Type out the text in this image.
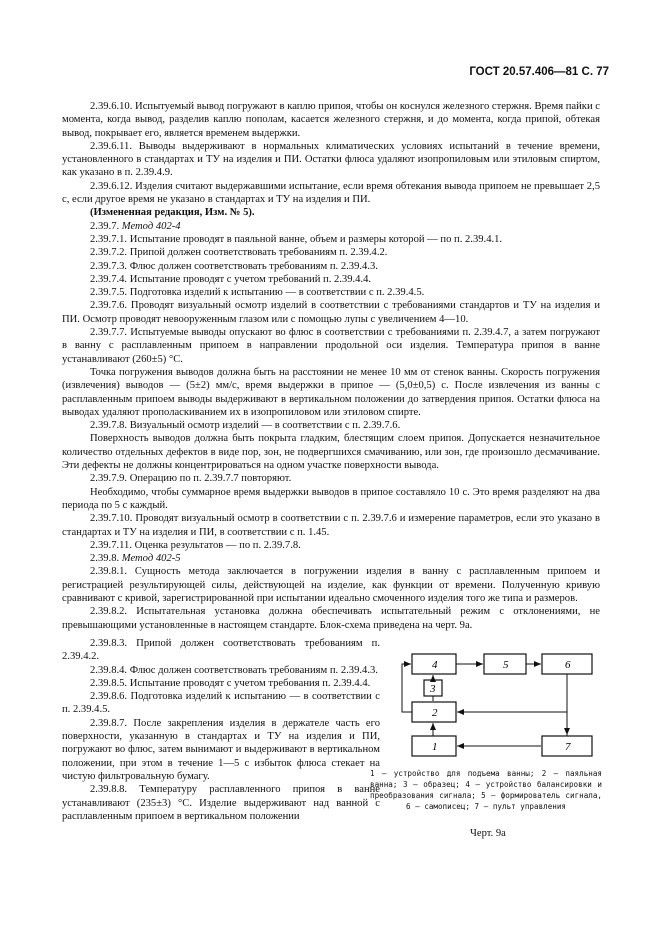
ГОСТ 20.57.406—81 С. 77

2.39.6.10. Испытуемый вывод погружают в каплю припоя, чтобы он коснулся железного стержня. Время пайки с момента, когда вывод, разделив каплю пополам, касается железного стержня, и до момента, когда припой, обтекая вывод, покрывает его, является временем выдержки.

2.39.6.11. Выводы выдерживают в нормальных климатических условиях испытаний в течение времени, установленного в стандартах и ТУ на изделия и ПИ. Остатки флюса удаляют изопропиловым или этиловым спиртом, как указано в п. 2.39.4.9.

2.39.6.12. Изделия считают выдержавшими испытание, если время обтекания вывода припоем не превышает 2,5 с, если другое время не указано в стандартах и ТУ на изделия и ПИ.

(Измененная редакция, Изм. № 5).

2.39.7. Метод 402-4

2.39.7.1. Испытание проводят в паяльной ванне, объем и размеры которой — по п. 2.39.4.1.

2.39.7.2. Припой должен соответствовать требованиям п. 2.39.4.2.

2.39.7.3. Флюс должен соответствовать требованиям п. 2.39.4.3.

2.39.7.4. Испытание проводят с учетом требований п. 2.39.4.4.

2.39.7.5. Подготовка изделий к испытанию — в соответствии с п. 2.39.4.5.

2.39.7.6. Проводят визуальный осмотр изделий в соответствии с требованиями стандартов и ТУ на изделия и ПИ. Осмотр проводят невооруженным глазом или с помощью лупы с увеличением 4—10.

2.39.7.7. Испытуемые выводы опускают во флюс в соответствии с требованиями п. 2.39.4.7, а затем погружают в ванну с расплавленным припоем в направлении продольной оси изделия. Температура припоя в ванне устанавливают (260±5) °С.

Точка погружения выводов должна быть на расстоянии не менее 10 мм от стенок ванны. Скорость погружения (извлечения) выводов — (5±2) мм/с, время выдержки в припое — (5,0±0,5) с. После извлечения из ванны с расплавленным припоем выводы выдерживают в вертикальном положении до затвердения припоя. Остатки флюса на выводах удаляют прополаскиванием их в изопропиловом или этиловом спирте.

2.39.7.8. Визуальный осмотр изделий — в соответствии с п. 2.39.7.6.

Поверхность выводов должна быть покрыта гладким, блестящим слоем припоя. Допускается незначительное количество отдельных дефектов в виде пор, зон, не подвергшихся смачиванию, или зон, где произошло десмачивание. Эти дефекты не должны концентрироваться на одном участке поверхности вывода.

2.39.7.9. Операцию по п. 2.39.7.7 повторяют.

Необходимо, чтобы суммарное время выдержки выводов в припое составляло 10 с. Это время разделяют на два периода по 5 с каждый.

2.39.7.10. Проводят визуальный осмотр в соответствии с п. 2.39.7.6 и измерение параметров, если это указано в стандартах и ТУ на изделия и ПИ, в соответствии с п. 1.45.

2.39.7.11. Оценка результатов — по п. 2.39.7.8.

2.39.8. Метод 402-5

2.39.8.1. Сущность метода заключается в погружении изделия в ванну с расплавленным припоем и регистрацией результирующей силы, действующей на изделие, как функции от времени. Полученную кривую сравнивают с кривой, зарегистрированной при испытании идеально смоченного изделия того же типа и размеров.

2.39.8.2. Испытательная установка должна обеспечивать испытательный режим с отклонениями, не превышающими установленные в настоящем стандарте. Блок-схема приведена на черт. 9а.

2.39.8.3. Припой должен соответствовать требованиям п. 2.39.4.2.

2.39.8.4. Флюс должен соответствовать требованиям п. 2.39.4.3.

2.39.8.5. Испытание проводят с учетом требования п. 2.39.4.4.

2.39.8.6. Подготовка изделий к испытанию — в соответствии с п. 2.39.4.5.

2.39.8.7. После закрепления изделия в держателе часть его поверхности, указанную в стандартах и ТУ на изделия и ПИ, погружают во флюс, затем вынимают и выдерживают в вертикальном положении, при этом в течение 1—5 с избыток флюса стекает на чистую фильтровальную бумагу.

2.39.8.8. Температуру расплавленного припоя в ванне устанавливают (235±3) °С. Изделие выдерживают над ванной с расплавленным припоем в вертикальном положении

4	5	6
3
2
1	7
1 — устройство для подъема ванны; 2 — паяльная ванна; 3 — образец; 4 — устройство балансировки и преобразования сигнала; 5 — формирователь сигнала, 6 — самописец; 7 — пульт управления
Черт. 9а
